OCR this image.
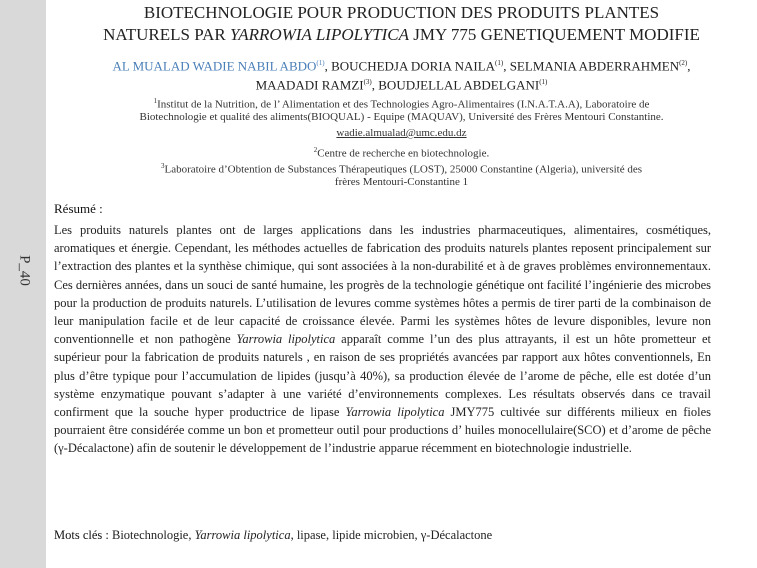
P_40
BIOTECHNOLOGIE POUR PRODUCTION DES PRODUITS PLANTES
NATURELS PAR YARROWIA LIPOLYTICA JMY 775 GENETIQUEMENT MODIFIE
AL MUALAD WADIE NABIL ABDO$^{(1)}$, BOUCHEDJA DORIA NAILA$^{(1)}$, SELMANIA ABDERRAHMEN$^{(2)}$,
MAADADI RAMZI$^{(3)}$, BOUDJELLAL ABDELGANI$^{(1)}$
$^1$Institut de la Nutrition, de l’ Alimentation et des Technologies Agro-Alimentaires (I.N.A.T.A.A), Laboratoire de
Biotechnologie et qualité des aliments(BIOQUAL) - Equipe (MAQUAV), Université des Frères Mentouri Constantine.
wadie.almualad@umc.edu.dz
$^2$Centre de recherche en biotechnologie.
$^3$Laboratoire d’Obtention de Substances Thérapeutiques (LOST), 25000 Constantine (Algeria), université des
frères Mentouri-Constantine 1
Résumé :
Les produits naturels plantes ont de larges applications dans les industries pharmaceutiques, alimentaires, cosmétiques, aromatiques et énergie. Cependant, les méthodes actuelles de fabrication des produits naturels plantes reposent principalement sur l’extraction des plantes et la synthèse chimique, qui sont associées à la non-durabilité et à de graves problèmes environnementaux. Ces dernières années, dans un souci de santé humaine, les progrès de la technologie génétique ont facilité l’ingénierie des microbes pour la production de produits naturels. L’utilisation de levures comme systèmes hôtes a permis de tirer parti de la combinaison de leur manipulation facile et de leur capacité de croissance élevée. Parmi les systèmes hôtes de levure disponibles, levure non conventionnelle et non pathogène Yarrowia lipolytica apparaît comme l’un des plus attrayants, il est un hôte prometteur et supérieur pour la fabrication de produits naturels , en raison de ses propriétés avancées par rapport aux hôtes conventionnels, En plus d’être typique pour l’accumulation de lipides (jusqu’à 40%), sa production élevée de l’arome de pêche, elle est dotée d’un système enzymatique pouvant s’adapter à une variété d’environnements complexes. Les résultats observés dans ce travail confirment que la souche hyper productrice de lipase Yarrowia lipolytica JMY775 cultivée sur différents milieux en fioles pourraient être considérée comme un bon et prometteur outil pour productions d’ huiles monocellulaire(SCO) et d’arome de pêche (γ-Décalactone) afin de soutenir le développement de l’industrie apparue récemment en biotechnologie industrielle.
Mots clés : Biotechnologie, Yarrowia lipolytica, lipase, lipide microbien, γ-Décalactone
